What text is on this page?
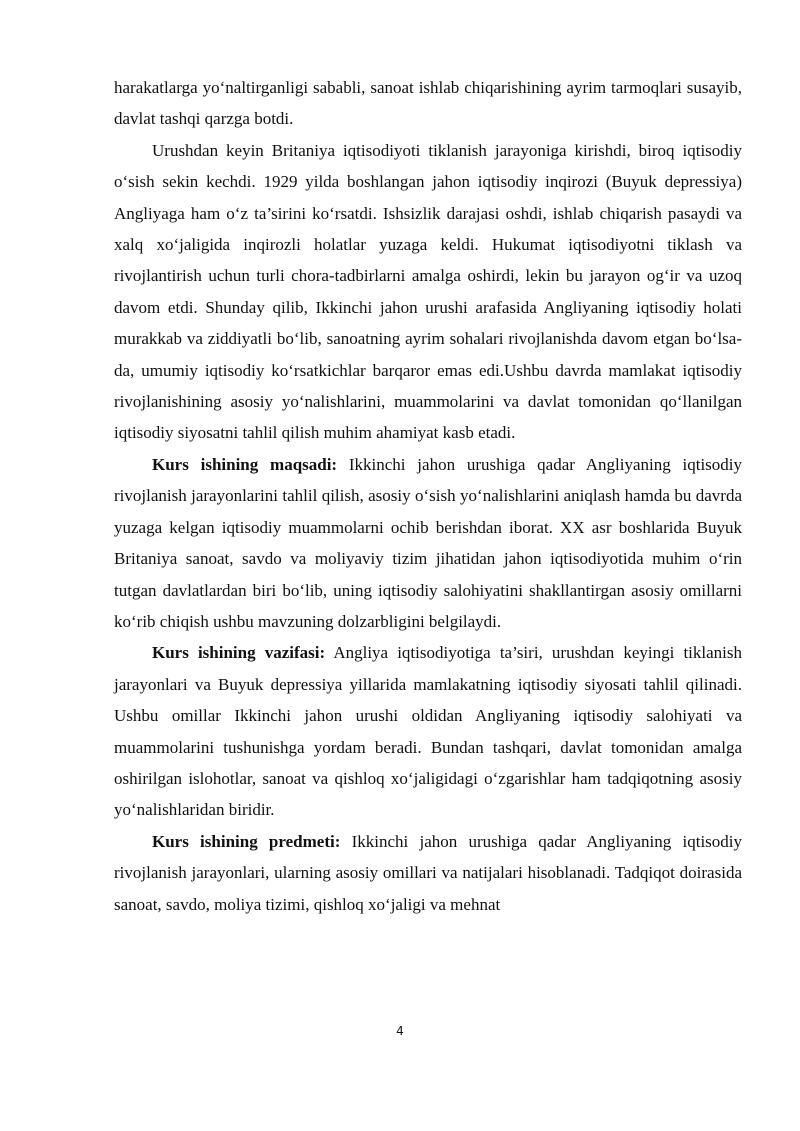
harakatlarga yo‘naltirganligi sababli, sanoat ishlab chiqarishining ayrim tarmoqlari susayib, davlat tashqi qarzga botdi.

Urushdan keyin Britaniya iqtisodiyoti tiklanish jarayoniga kirishdi, biroq iqtisodiy o‘sish sekin kechdi. 1929 yilda boshlangan jahon iqtisodiy inqirozi (Buyuk depressiya) Angliyaga ham o‘z ta’sirini ko‘rsatdi. Ishsizlik darajasi oshdi, ishlab chiqarish pasaydi va xalq xo‘jaligida inqirozli holatlar yuzaga keldi. Hukumat iqtisodiyotni tiklash va rivojlantirish uchun turli chora-tadbirlarni amalga oshirdi, lekin bu jarayon og‘ir va uzoq davom etdi. Shunday qilib, Ikkinchi jahon urushi arafasida Angliyaning iqtisodiy holati murakkab va ziddiyatli bo‘lib, sanoatning ayrim sohalari rivojlanishda davom etgan bo‘lsa-da, umumiy iqtisodiy ko‘rsatkichlar barqaror emas edi.Ushbu davrda mamlakat iqtisodiy rivojlanishining asosiy yo‘nalishlarini, muammolarini va davlat tomonidan qo‘llanilgan iqtisodiy siyosatni tahlil qilish muhim ahamiyat kasb etadi.

Kurs ishining maqsadi: Ikkinchi jahon urushiga qadar Angliyaning iqtisodiy rivojlanish jarayonlarini tahlil qilish, asosiy o‘sish yo‘nalishlarini aniqlash hamda bu davrda yuzaga kelgan iqtisodiy muammolarni ochib berishdan iborat. XX asr boshlarida Buyuk Britaniya sanoat, savdo va moliyaviy tizim jihatidan jahon iqtisodiyotida muhim o‘rin tutgan davlatlardan biri bo‘lib, uning iqtisodiy salohiyatini shakllantirgan asosiy omillarni ko‘rib chiqish ushbu mavzuning dolzarbligini belgilaydi.

Kurs ishining vazifasi: Angliya iqtisodiyotiga ta’siri, urushdan keyingi tiklanish jarayonlari va Buyuk depressiya yillarida mamlakatning iqtisodiy siyosati tahlil qilinadi. Ushbu omillar Ikkinchi jahon urushi oldidan Angliyaning iqtisodiy salohiyati va muammolarini tushunishga yordam beradi. Bundan tashqari, davlat tomonidan amalga oshirilgan islohotlar, sanoat va qishloq xo‘jaligidagi o‘zgarishlar ham tadqiqotning asosiy yo‘nalishlaridan biridir.

Kurs ishining predmeti: Ikkinchi jahon urushiga qadar Angliyaning iqtisodiy rivojlanish jarayonlari, ularning asosiy omillari va natijalari hisoblanadi. Tadqiqot doirasida sanoat, savdo, moliya tizimi, qishloq xo‘jaligi va mehnat

4
